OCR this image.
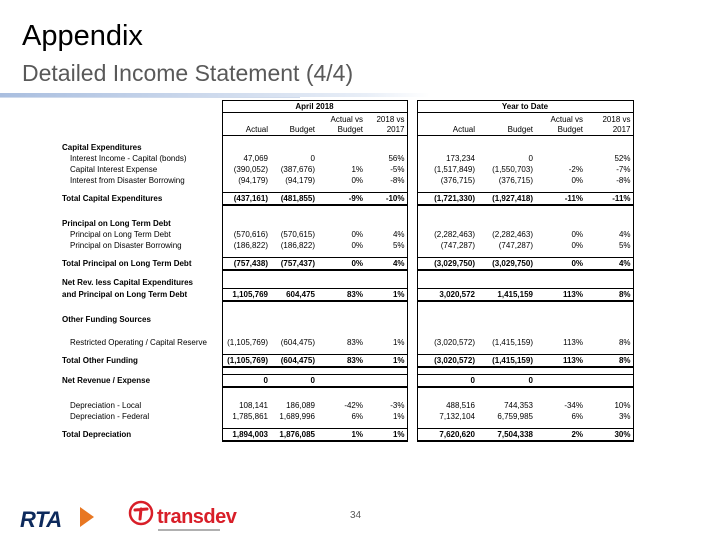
Appendix
Detailed Income Statement (4/4)
	April 2018					Year to Date			
			Actual vs	2018 vs				Actual vs	2018 vs
	Actual	Budget	Budget	2017		Actual	Budget	Budget	2017

Capital Expenditures									
Interest Income - Capital (bonds)	47,069	0		56%		173,234	0		52%
Capital Interest Expense	(390,052)	(387,676)	1%	-5%		(1,517,849)	(1,550,703)	-2%	-7%
Interest from Disaster Borrowing	(94,179)	(94,179)	0%	-8%		(376,715)	(376,715)	0%	-8%

Total Capital Expenditures	(437,161)	(481,855)	-9%	-10%		(1,721,330)	(1,927,418)	-11%	-11%

Principal on Long Term Debt									
Principal on Long Term Debt	(570,616)	(570,615)	0%	4%		(2,282,463)	(2,282,463)	0%	4%
Principal on Disaster Borrowing	(186,822)	(186,822)	0%	5%		(747,287)	(747,287)	0%	5%

Total Principal on Long Term Debt	(757,438)	(757,437)	0%	4%		(3,029,750)	(3,029,750)	0%	4%

Net Rev. less Capital Expenditures									
and Principal on Long Term Debt	1,105,769	604,475	83%	1%		3,020,572	1,415,159	113%	8%

Other Funding Sources									

Restricted Operating / Capital Reserve	(1,105,769)	(604,475)	83%	1%		(3,020,572)	(1,415,159)	113%	8%

Total Other Funding	(1,105,769)	(604,475)	83%	1%		(3,020,572)	(1,415,159)	113%	8%

Net Revenue / Expense	0	0				0	0		

Depreciation - Local	108,141	186,089	-42%	-3%		488,516	744,353	-34%	10%
Depreciation - Federal	1,785,861	1,689,996	6%	1%		7,132,104	6,759,985	6%	3%

Total Depreciation	1,894,003	1,876,085	1%	1%		7,620,620	7,504,338	2%	30%
RTA	transdev	34
